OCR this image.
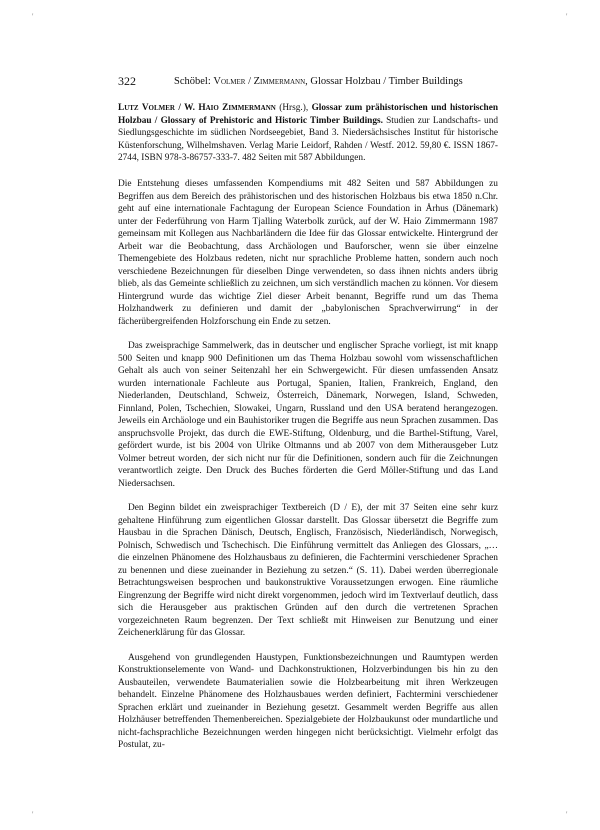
'	'
322	Schöbel: Volmer / Zimmermann, Glossar Holzbau / Timber Buildings
Lutz Volmer / W. Haio Zimmermann (Hrsg.), Glossar zum prähistorischen und historischen Holzbau / Glossary of Prehistoric and Historic Timber Buildings. Studien zur Landschafts- und Siedlungsgeschichte im südlichen Nordseegebiet, Band 3. Niedersächsisches Institut für historische Küstenforschung, Wilhelmshaven. Verlag Marie Leidorf, Rahden / Westf. 2012. 59,80 €. ISSN 1867-2744, ISBN 978-3-86757-333-7. 482 Seiten mit 587 Abbildungen.

Die Entstehung dieses umfassenden Kompendiums mit 482 Seiten und 587 Abbildungen zu Begriffen aus dem Bereich des prähistorischen und des historischen Holzbaus bis etwa 1850 n.Chr. geht auf eine internationale Fachtagung der European Science Foundation in Århus (Dänemark) unter der Federführung von Harm Tjalling Waterbolk zurück, auf der W. Haio Zimmermann 1987 gemeinsam mit Kollegen aus Nachbarländern die Idee für das Glossar entwickelte. Hintergrund der Arbeit war die Beobachtung, dass Archäologen und Bauforscher, wenn sie über einzelne Themengebiete des Holzbaus redeten, nicht nur sprachliche Probleme hatten, sondern auch noch verschiedene Bezeichnungen für dieselben Dinge verwendeten, so dass ihnen nichts anders übrig blieb, als das Gemeinte schließlich zu zeichnen, um sich verständlich machen zu können. Vor diesem Hintergrund wurde das wichtige Ziel dieser Arbeit benannt, Begriffe rund um das Thema Holzhandwerk zu definieren und damit der „babylonischen Sprachverwirrung“ in der fächerübergreifenden Holzforschung ein Ende zu setzen.

Das zweisprachige Sammelwerk, das in deutscher und englischer Sprache vorliegt, ist mit knapp 500 Seiten und knapp 900 Definitionen um das Thema Holzbau sowohl vom wissenschaftlichen Gehalt als auch von seiner Seitenzahl her ein Schwergewicht. Für diesen umfassenden Ansatz wurden internationale Fachleute aus Portugal, Spanien, Italien, Frankreich, England, den Niederlanden, Deutschland, Schweiz, Österreich, Dänemark, Norwegen, Island, Schweden, Finnland, Polen, Tschechien, Slowakei, Ungarn, Russland und den USA beratend herangezogen. Jeweils ein Archäologe und ein Bauhistoriker trugen die Begriffe aus neun Sprachen zusammen. Das anspruchsvolle Projekt, das durch die EWE-Stiftung, Oldenburg, und die Barthel-Stiftung, Varel, gefördert wurde, ist bis 2004 von Ulrike Oltmanns und ab 2007 von dem Mitherausgeber Lutz Volmer betreut worden, der sich nicht nur für die Definitionen, sondern auch für die Zeichnungen verantwortlich zeigte. Den Druck des Buches förderten die Gerd Möller-Stiftung und das Land Niedersachsen.

Den Beginn bildet ein zweisprachiger Textbereich (D / E), der mit 37 Seiten eine sehr kurz gehaltene Hinführung zum eigentlichen Glossar darstellt. Das Glossar übersetzt die Begriffe zum Hausbau in die Sprachen Dänisch, Deutsch, Englisch, Französisch, Niederländisch, Norwegisch, Polnisch, Schwedisch und Tschechisch. Die Einführung vermittelt das Anliegen des Glossars, „… die einzelnen Phänomene des Holzhausbaus zu definieren, die Fachtermini verschiedener Sprachen zu benennen und diese zueinander in Beziehung zu setzen.“ (S. 11). Dabei werden überregionale Betrachtungsweisen besprochen und baukonstruktive Voraussetzungen erwogen. Eine räumliche Eingrenzung der Begriffe wird nicht direkt vorgenommen, jedoch wird im Textverlauf deutlich, dass sich die Herausgeber aus praktischen Gründen auf den durch die vertretenen Sprachen vorgezeichneten Raum begrenzen. Der Text schließt mit Hinweisen zur Benutzung und einer Zeichenerklärung für das Glossar.

Ausgehend von grundlegenden Haustypen, Funktionsbezeichnungen und Raumtypen werden Konstruktionselemente von Wand- und Dachkonstruktionen, Holzverbindungen bis hin zu den Ausbauteilen, verwendete Baumaterialien sowie die Holzbearbeitung mit ihren Werkzeugen behandelt. Einzelne Phänomene des Holzhausbaues werden definiert, Fachtermini verschiedener Sprachen erklärt und zueinander in Beziehung gesetzt. Gesammelt werden Begriffe aus allen Holzhäuser betreffenden Themenbereichen. Spezialgebiete der Holzbaukunst oder mundartliche und nicht-fachsprachliche Bezeichnungen werden hingegen nicht berücksichtigt. Vielmehr erfolgt das Postulat, zu-

'	'
